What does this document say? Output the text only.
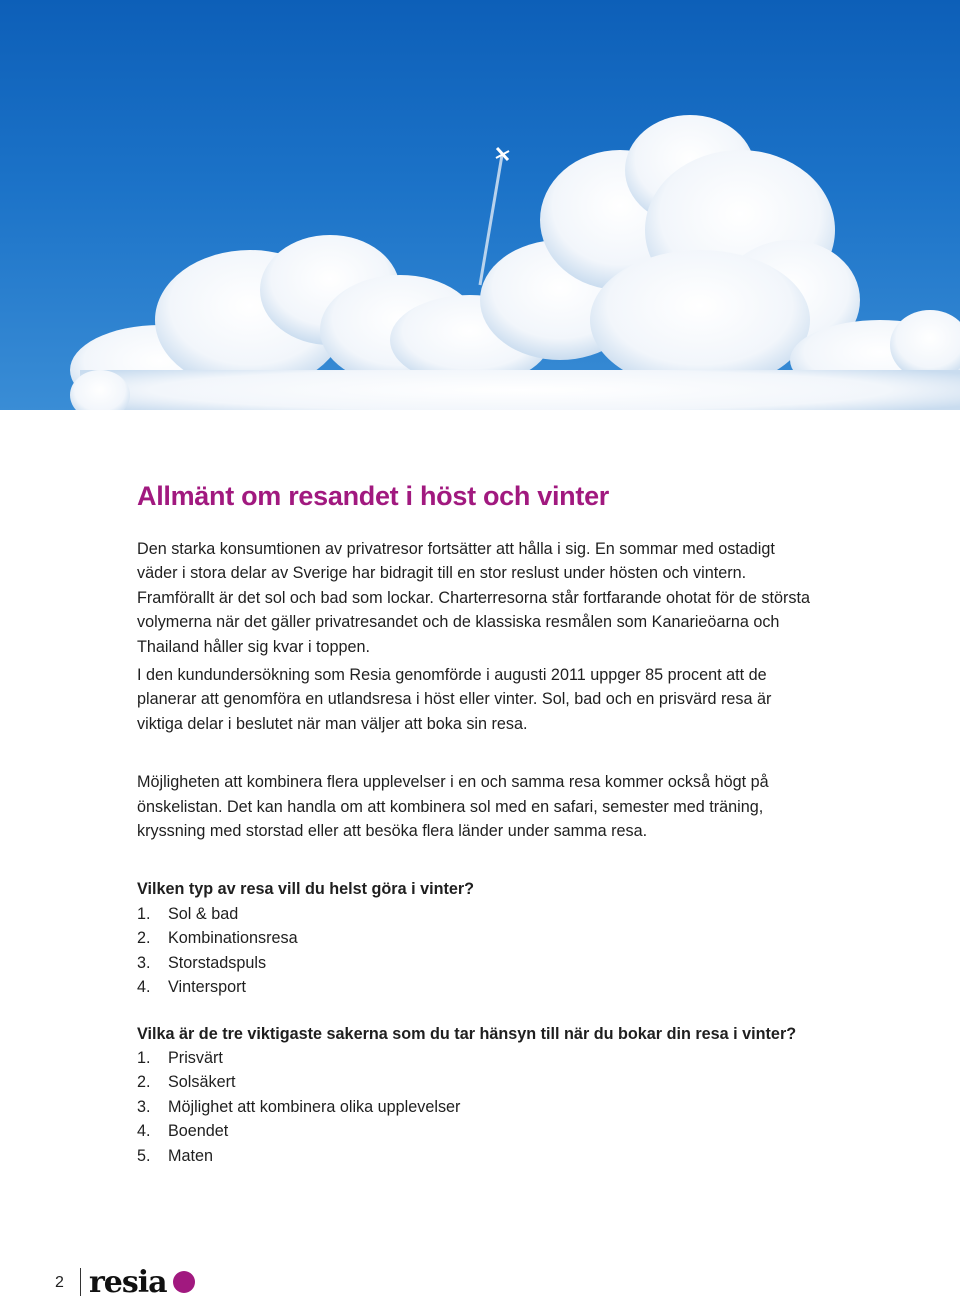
Allmänt om resandet i höst och vinter

Den starka konsumtionen av privatresor fortsätter att hålla i sig. En sommar med ostadigt väder i stora delar av Sverige har bidragit till en stor reslust under hösten och vintern. Framförallt är det sol och bad som lockar. Charterresorna står fortfarande ohotat för de största volymerna när det gäller privatresandet och de klassiska resmålen som Kanarieöarna och Thailand håller sig kvar i toppen.

I den kundundersökning som Resia genomförde i augusti 2011 uppger 85 procent att de planerar att genomföra en utlandsresa i höst eller vinter. Sol, bad och en prisvärd resa är viktiga delar i beslutet när man väljer att boka sin resa.

Möjligheten att kombinera flera upplevelser i en och samma resa kommer också högt på önskelistan. Det kan handla om att kombinera sol med en safari, semester med träning, kryssning med storstad eller att besöka flera länder under samma resa.

Vilken typ av resa vill du helst göra i vinter?

1.	Sol & bad
2.	Kombinationsresa
3.	Storstadspuls
4.	Vintersport

Vilka är de tre viktigaste sakerna som du tar hänsyn till när du bokar din resa i vinter?

1.	Prisvärt
2.	Solsäkert
3.	Möjlighet att kombinera olika upplevelser
4.	Boendet
5.	Maten
2 resia
